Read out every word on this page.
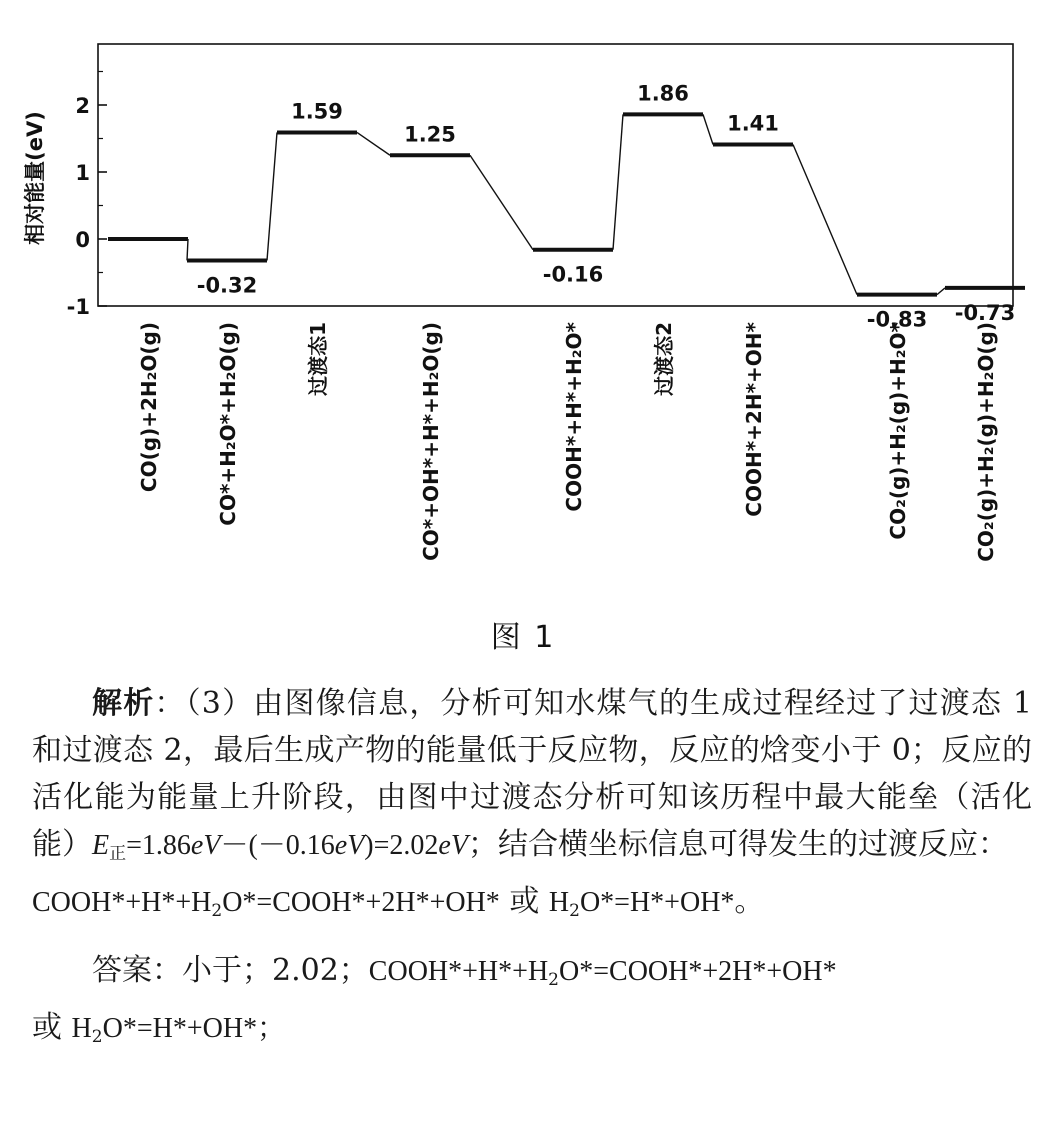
相对能量(eV)
-1
0
1
2
-0.32
1.59
1.25
-0.16
1.86
1.41
-0.83 -0.73
CO(g)+2H₂O(g)	CO*+H₂O*+H₂O(g)	过渡态1	CO*+OH*+H*+H₂O(g)	COOH*+H*+H₂O*	过渡态2	COOH*+2H*+OH*	CO₂(g)+H₂(g)+H₂O*	CO₂(g)+H₂(g)+H₂O(g)
图 1

解析：（3）由图像信息，分析可知水煤气的生成过程经过了过渡态 1 和过渡态 2，最后生成产物的能量低于反应物，反应的焓变小于 0；反应的活化能为能量上升阶段，由图中过渡态分析可知该历程中最大能垒（活化能）$E_正=1.86eV-(-0.16eV)=2.02eV$；结合横坐标信息可得发生的过渡反应：
$COOH*+H*+H_2O*=COOH*+2H*+OH*$ 或 $H_2O*=H*+OH*$。

答案：小于；2.02；$COOH*+H*+H_2O*=COOH*+2H*+OH*$
或 $H_2O*=H*+OH*$；
